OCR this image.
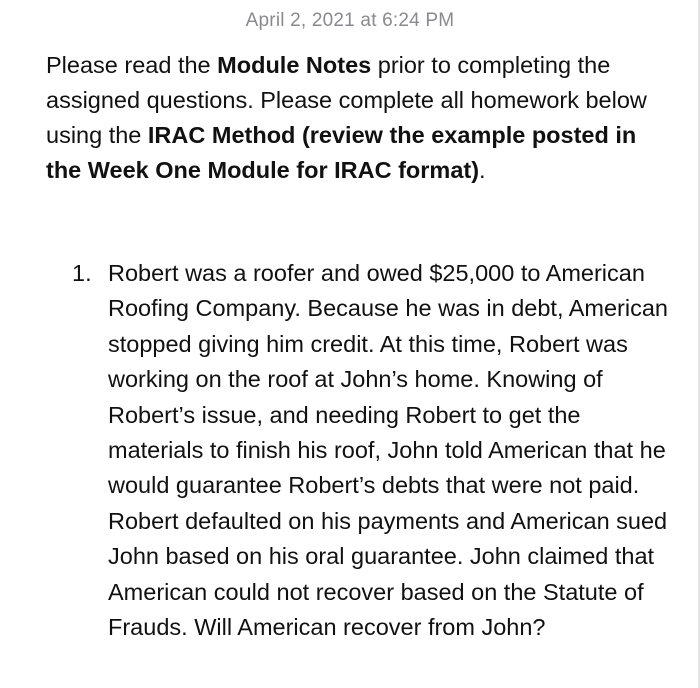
April 2, 2021 at 6:24 PM
Please read the Module Notes prior to completing the assigned questions. Please complete all homework below using the IRAC Method (review the example posted in the Week One Module for IRAC format).
1. Robert was a roofer and owed $25,000 to American Roofing Company. Because he was in debt, American stopped giving him credit. At this time, Robert was working on the roof at John’s home. Knowing of Robert’s issue, and needing Robert to get the materials to finish his roof, John told American that he would guarantee Robert’s debts that were not paid. Robert defaulted on his payments and American sued John based on his oral guarantee. John claimed that American could not recover based on the Statute of Frauds. Will American recover from John?
